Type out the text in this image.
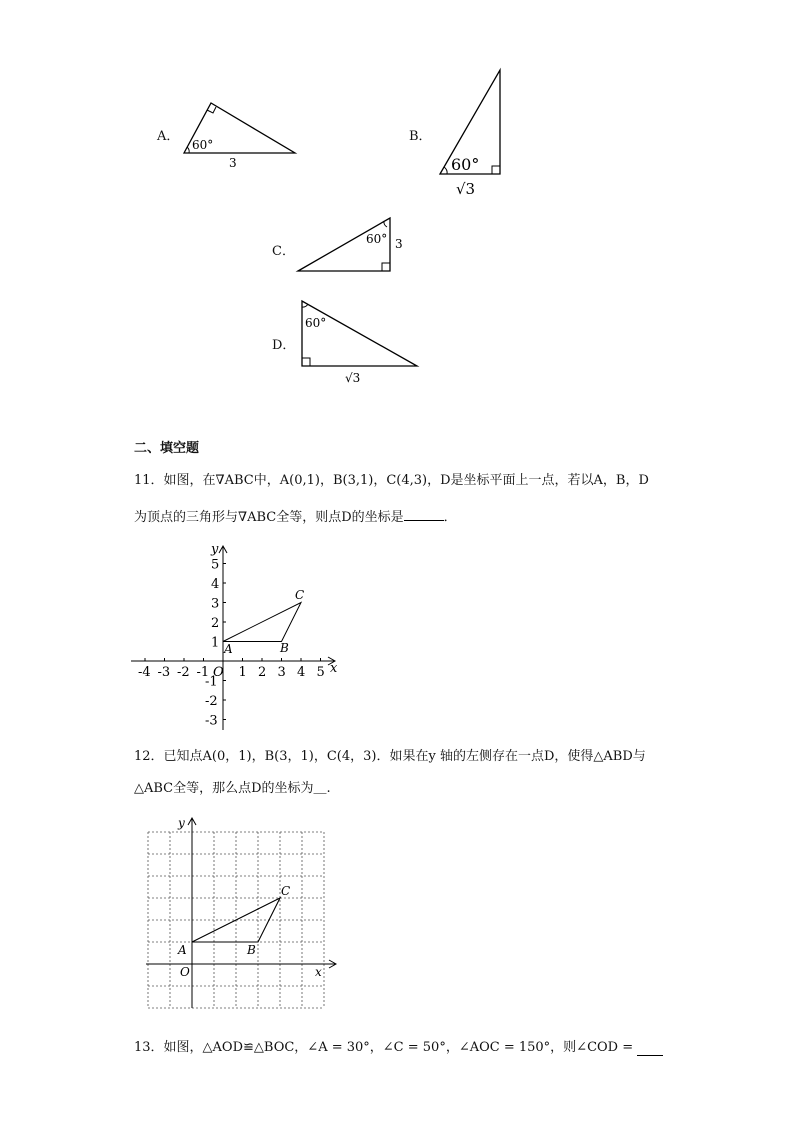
A．
60°
3
B．
60°
√3
C．
60° 3
D．
60°
√3
二、填空题
11．如图，在∇ABC中，A(0,1)，B(3,1)，C(4,3)，D是坐标平面上一点，若以A，B，D
为顶点的三角形与∇ABC全等，则点D的坐标是	．
-4 -3 -2 -1 O 1 2 3 4 5
5
4
3
2
1
-1
-2
-3
x
y
A	B
C
12．已知点A(0，1)，B(3，1)，C(4，3)．如果在y 轴的左侧存在一点D，使得△ABD与
△ABC全等，那么点D的坐标为＿.
x
y
O
A	B
C
13．如图，△AOD≌△BOC，∠A = 30°，∠C = 50°，∠AOC = 150°，则∠COD =
